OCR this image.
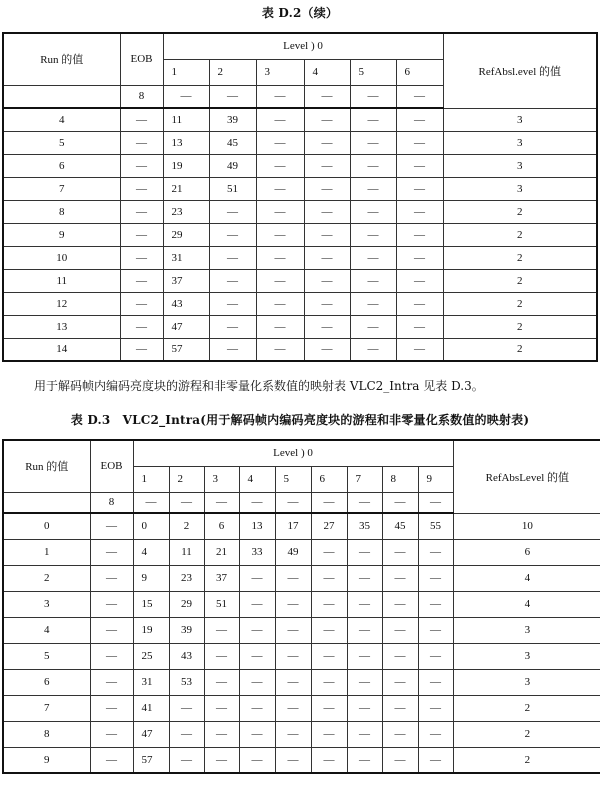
表 D.2（续）
Run 的值	EOB	Level ) 0						RefAbsl.evel 的值
		1	2	3	4	5	6	
	8	—	—	—	—	—	—	
4	—	11	39	—	—	—	—	3
5	—	13	45	—	—	—	—	3
6	—	19	49	—	—	—	—	3
7	—	21	51	—	—	—	—	3
8	—	23	—	—	—	—	—	2
9	—	29	—	—	—	—	—	2
10	—	31	—	—	—	—	—	2
11	—	37	—	—	—	—	—	2
12	—	43	—	—	—	—	—	2
13	—	47	—	—	—	—	—	2
14	—	57	—	—	—	—	—	2
用于解码帧内编码亮度块的游程和非零量化系数值的映射表 VLC2_Intra 见表 D.3。
表 D.3　VLC2_Intra(用于解码帧内编码亮度块的游程和非零量化系数值的映射表)
Run 的值	EOB	Level ) 0									RefAbsLevel 的值
		1	2	3	4	5	6	7	8	9	
	8	—	—	—	—	—	—	—	—	—	
0	—	0	2	6	13	17	27	35	45	55	10
1	—	4	11	21	33	49	—	—	—	—	6
2	—	9	23	37	—	—	—	—	—	—	4
3	—	15	29	51	—	—	—	—	—	—	4
4	—	19	39	—	—	—	—	—	—	—	3
5	—	25	43	—	—	—	—	—	—	—	3
6	—	31	53	—	—	—	—	—	—	—	3
7	—	41	—	—	—	—	—	—	—	—	2
8	—	47	—	—	—	—	—	—	—	—	2
9	—	57	—	—	—	—	—	—	—	—	2
